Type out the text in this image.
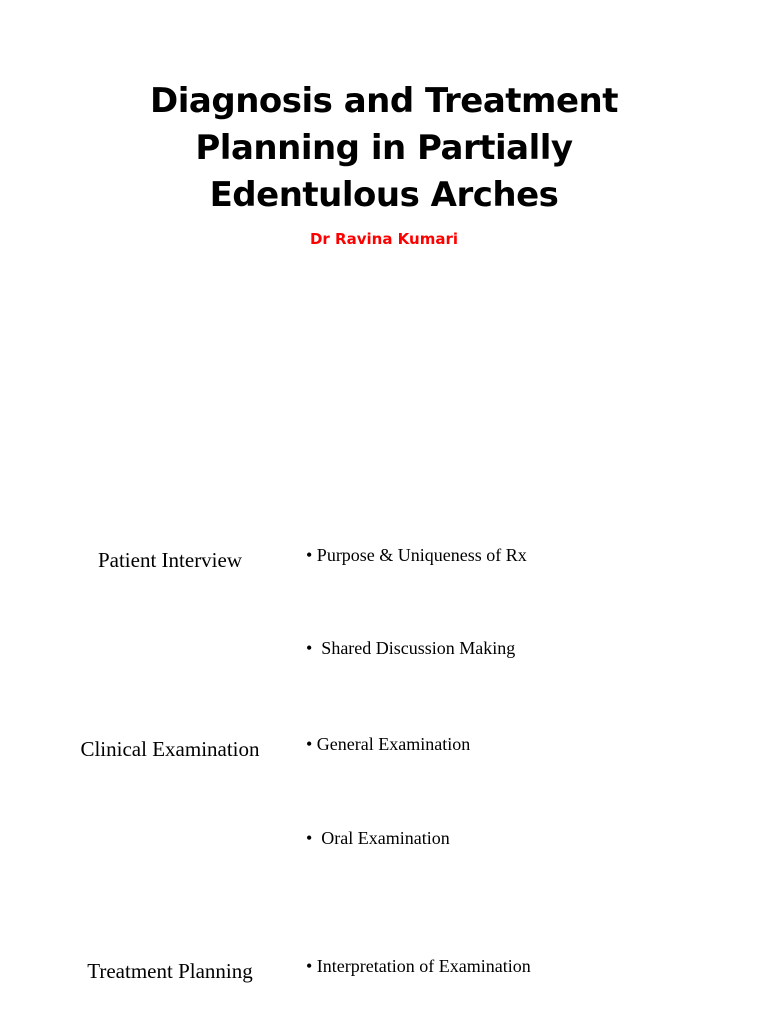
Diagnosis and Treatment
Planning in Partially
Edentulous Arches
Dr Ravina Kumari
Patient Interview	• Purpose & Uniqueness of Rx
•  Shared Discussion Making
Clinical Examination	• General Examination
•  Oral Examination
Treatment Planning	• Interpretation of Examination
